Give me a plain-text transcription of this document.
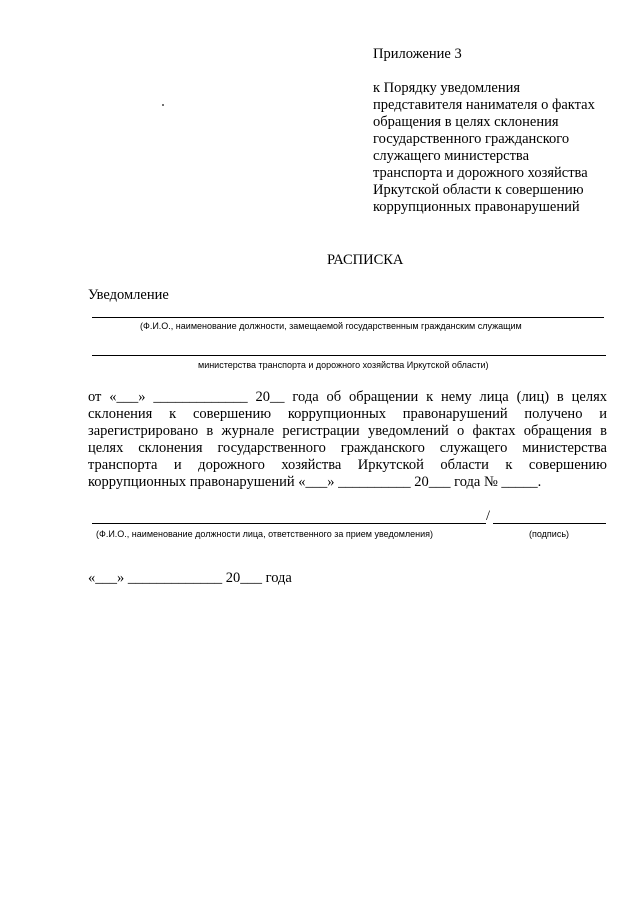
Приложение 3
к Порядку уведомления
представителя нанимателя о фактах
обращения в целях склонения
государственного гражданского
служащего министерства
транспорта и дорожного хозяйства
Иркутской области к совершению
коррупционных правонарушений
РАСПИСКА
Уведомление
(Ф.И.О., наименование должности, замещаемой государственным гражданским служащим
министерства транспорта и дорожного хозяйства Иркутской области)
от «___» _____________ 20__ года об обращении к нему лица (лиц) в целях
склонения к совершению коррупционных правонарушений получено и
зарегистрировано в журнале регистрации уведомлений о фактах обращения в
целях склонения государственного гражданского служащего министерства
транспорта и дорожного хозяйства Иркутской области к совершению
коррупционных правонарушений «___» __________ 20___ года № _____.
/
(Ф.И.О., наименование должности лица, ответственного за прием уведомления)	(подпись)
«___» _____________ 20___ года
